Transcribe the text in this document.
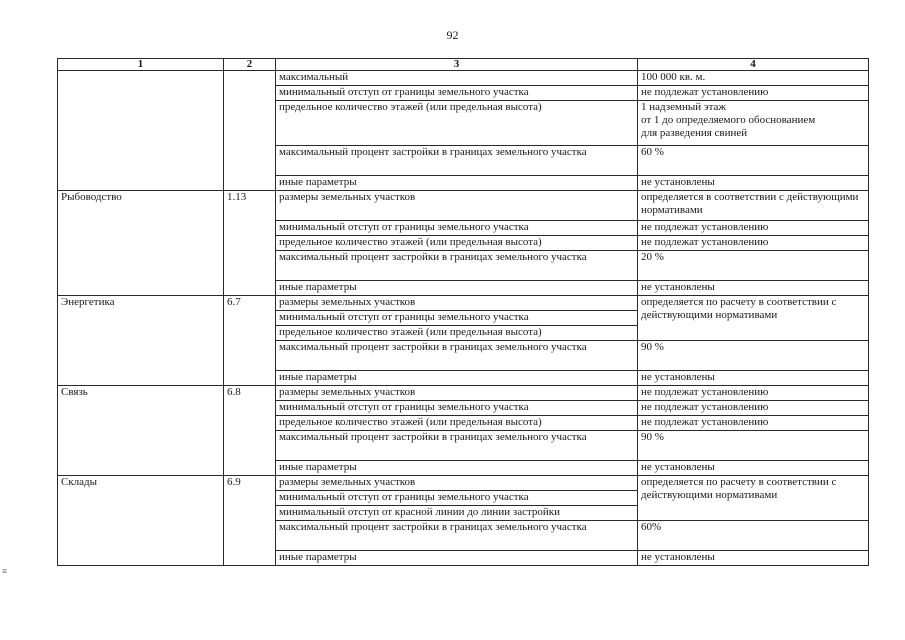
92
1	2	3	4
		максимальный	100 000 кв. м.
		минимальный отступ от границы земельного участка	не подлежат установлению
		предельное количество этажей (или предельная высота)	1 надземный этаж
от 1 до определяемого обоснованием
для разведения свиней
		максимальный процент застройки в границах земельного участка	60 %
		иные параметры	не установлены
Рыбоводство	1.13	размеры земельных участков	определяется в соответствии с действующими нормативами
		минимальный отступ от границы земельного участка	не подлежат установлению
		предельное количество этажей (или предельная высота)	не подлежат установлению
		максимальный процент застройки в границах земельного участка	20 %
		иные параметры	не установлены
Энергетика	6.7	размеры земельных участков	определяется по расчету в соответствии с действующими нормативами
		минимальный отступ от границы земельного участка	
		предельное количество этажей (или предельная высота)	
		максимальный процент застройки в границах земельного участка	90 %
		иные параметры	не установлены
Связь	6.8	размеры земельных участков	не подлежат установлению
		минимальный отступ от границы земельного участка	не подлежат установлению
		предельное количество этажей (или предельная высота)	не подлежат установлению
		максимальный процент застройки в границах земельного участка	90 %
		иные параметры	не установлены
Склады	6.9	размеры земельных участков	определяется по расчету в соответствии с действующими нормативами
		минимальный отступ от границы земельного участка	
		минимальный отступ от красной линии до линии застройки	
		максимальный процент застройки в границах земельного участка	60%
		иные параметры	не установлены
≡
